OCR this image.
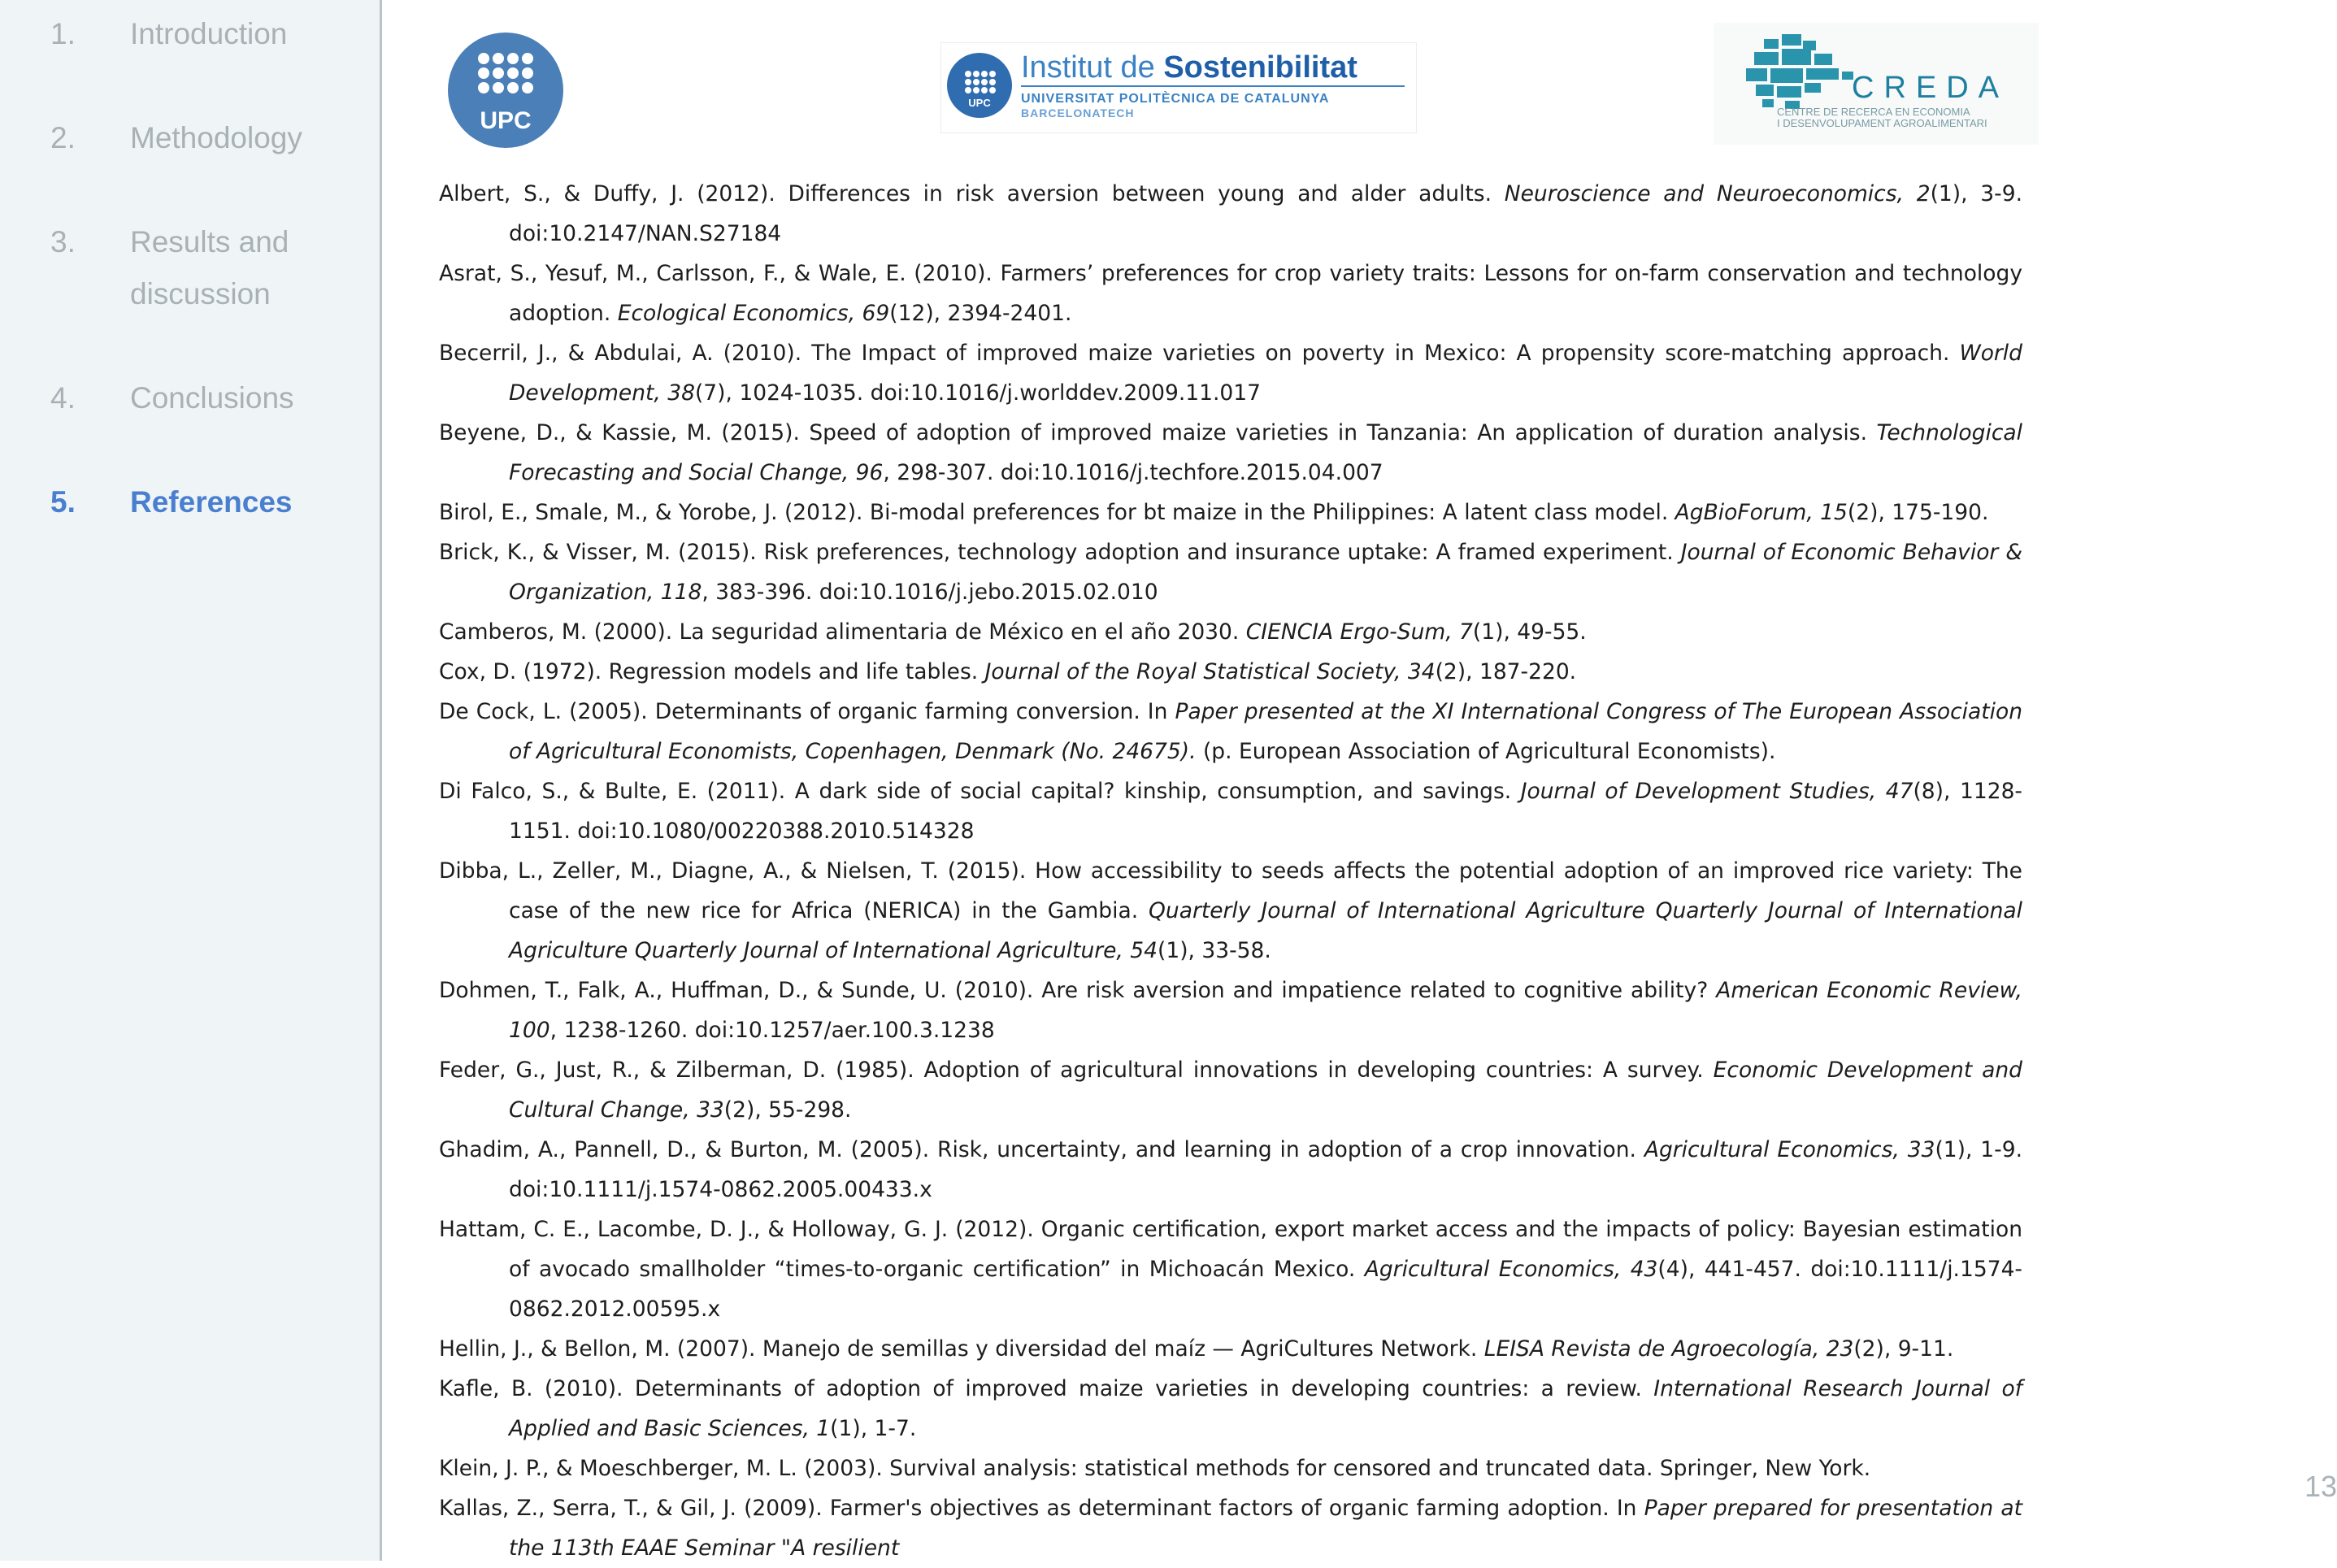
1.	Introduction
2.	Methodology
3.	Results and discussion
4.	Conclusions
5.	References
UPC
UPC
Institut de Sostenibilitat
UNIVERSITAT POLITÈCNICA DE CATALUNYA
BARCELONATECH
CREDA
CENTRE DE RECERCA EN ECONOMIA
I DESENVOLUPAMENT AGROALIMENTARI
Albert, S., & Duffy, J. (2012). Differences in risk aversion between young and alder adults. Neuroscience and Neuroeconomics, 2(1), 3-9. doi:10.2147/NAN.S27184
Asrat, S., Yesuf, M., Carlsson, F., & Wale, E. (2010). Farmers’ preferences for crop variety traits: Lessons for on-farm conservation and technology adoption. Ecological Economics, 69(12), 2394-2401.
Becerril, J., & Abdulai, A. (2010). The Impact of improved maize varieties on poverty in Mexico: A propensity score-matching approach. World Development, 38(7), 1024-1035. doi:10.1016/j.worlddev.2009.11.017
Beyene, D., & Kassie, M. (2015). Speed of adoption of improved maize varieties in Tanzania: An application of duration analysis. Technological Forecasting and Social Change, 96, 298-307. doi:10.1016/j.techfore.2015.04.007
Birol, E., Smale, M., & Yorobe, J. (2012). Bi-modal preferences for bt maize in the Philippines: A latent class model. AgBioForum, 15(2), 175-190.
Brick, K., & Visser, M. (2015). Risk preferences, technology adoption and insurance uptake: A framed experiment. Journal of Economic Behavior & Organization, 118, 383-396. doi:10.1016/j.jebo.2015.02.010
Camberos, M. (2000). La seguridad alimentaria de México en el año 2030. CIENCIA Ergo-Sum, 7(1), 49-55.
Cox, D. (1972). Regression models and life tables. Journal of the Royal Statistical Society, 34(2), 187-220.
De Cock, L. (2005). Determinants of organic farming conversion. In Paper presented at the XI International Congress of The European Association of Agricultural Economists, Copenhagen, Denmark (No. 24675). (p. European Association of Agricultural Economists).
Di Falco, S., & Bulte, E. (2011). A dark side of social capital? kinship, consumption, and savings. Journal of Development Studies, 47(8), 1128-1151. doi:10.1080/00220388.2010.514328
Dibba, L., Zeller, M., Diagne, A., & Nielsen, T. (2015). How accessibility to seeds affects the potential adoption of an improved rice variety: The case of the new rice for Africa (NERICA) in the Gambia. Quarterly Journal of International Agriculture Quarterly Journal of International Agriculture Quarterly Journal of International Agriculture, 54(1), 33-58.
Dohmen, T., Falk, A., Huffman, D., & Sunde, U. (2010). Are risk aversion and impatience related to cognitive ability? American Economic Review, 100, 1238-1260. doi:10.1257/aer.100.3.1238
Feder, G., Just, R., & Zilberman, D. (1985). Adoption of agricultural innovations in developing countries: A survey. Economic Development and Cultural Change, 33(2), 55-298.
Ghadim, A., Pannell, D., & Burton, M. (2005). Risk, uncertainty, and learning in adoption of a crop innovation. Agricultural Economics, 33(1), 1-9. doi:10.1111/j.1574-0862.2005.00433.x
Hattam, C. E., Lacombe, D. J., & Holloway, G. J. (2012). Organic certification, export market access and the impacts of policy: Bayesian estimation of avocado smallholder “times-to-organic certification” in Michoacán Mexico. Agricultural Economics, 43(4), 441-457. doi:10.1111/j.1574-0862.2012.00595.x
Hellin, J., & Bellon, M. (2007). Manejo de semillas y diversidad del maíz — AgriCultures Network. LEISA Revista de Agroecología, 23(2), 9-11.
Kafle, B. (2010). Determinants of adoption of improved maize varieties in developing countries: a review. International Research Journal of Applied and Basic Sciences, 1(1), 1-7.
Klein, J. P., & Moeschberger, M. L. (2003). Survival analysis: statistical methods for censored and truncated data. Springer, New York.
Kallas, Z., Serra, T., & Gil, J. (2009). Farmer's objectives as determinant factors of organic farming adoption. In Paper prepared for presentation at the 113th EAAE Seminar "A resilient
13
